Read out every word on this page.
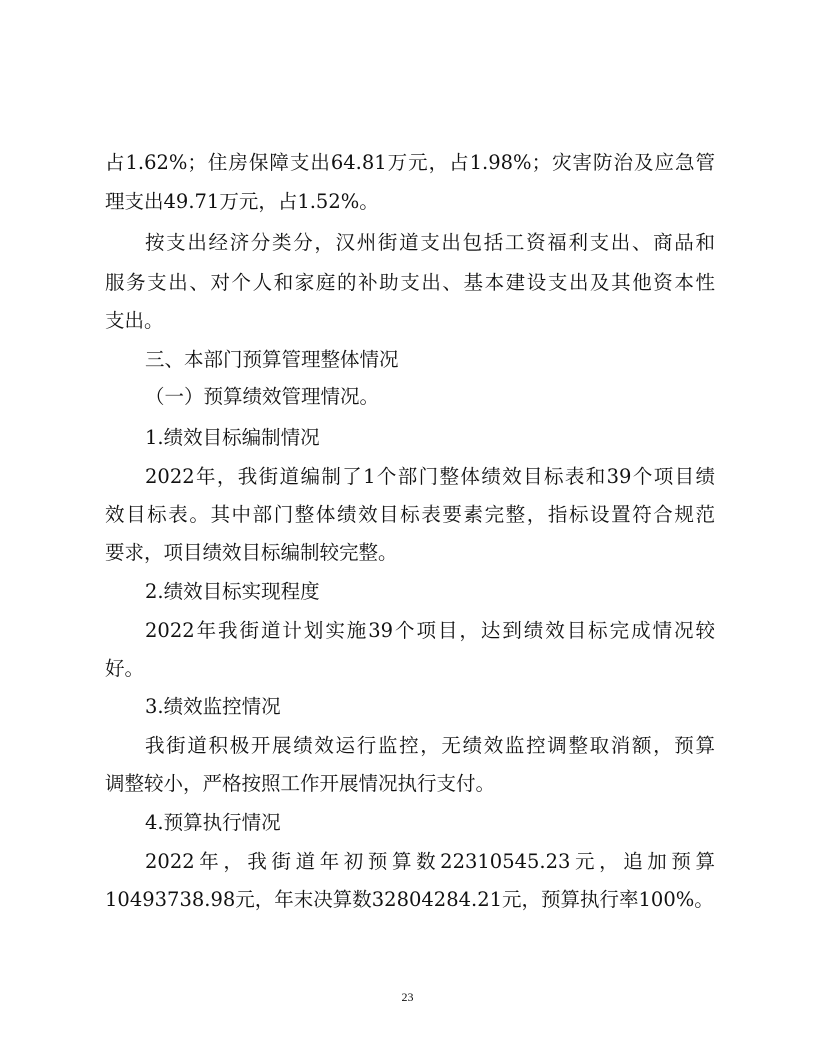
占1.62%；住房保障支出64.81万元，占1.98%；灾害防治及应急管
理支出49.71万元，占1.52%。
按支出经济分类分，汉州街道支出包括工资福利支出、商品和
服务支出、对个人和家庭的补助支出、基本建设支出及其他资本性
支出。
三、本部门预算管理整体情况
（一）预算绩效管理情况。
1.绩效目标编制情况
2022年，我街道编制了1个部门整体绩效目标表和39个项目绩
效目标表。其中部门整体绩效目标表要素完整，指标设置符合规范
要求，项目绩效目标编制较完整。
2.绩效目标实现程度
2022年我街道计划实施39个项目，达到绩效目标完成情况较
好。
3.绩效监控情况
我街道积极开展绩效运行监控，无绩效监控调整取消额，预算
调整较小，严格按照工作开展情况执行支付。
4.预算执行情况
2022年，我街道年初预算数22310545.23元，追加预算
10493738.98元，年末决算数32804284.21元，预算执行率100%。
23
